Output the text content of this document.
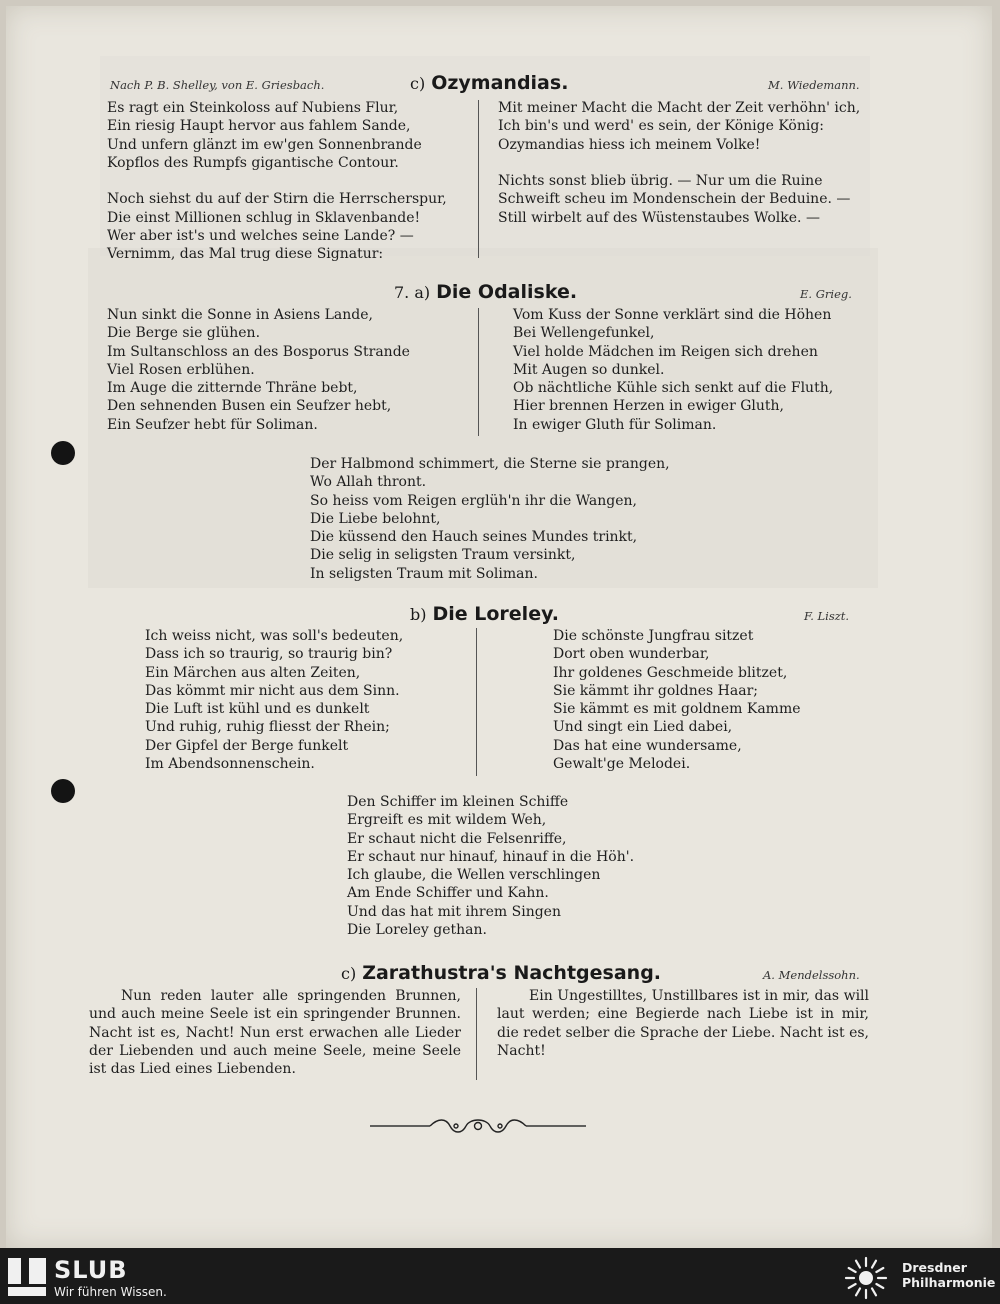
Nach P. B. Shelley, von E. Griesbach.	c) Ozymandias.	M. Wiedemann.
Es ragt ein Steinkoloss auf Nubiens Flur,
Ein riesig Haupt hervor aus fahlem Sande,
Und unfern glänzt im ew'gen Sonnenbrande
Kopflos des Rumpfs gigantische Contour.
Noch siehst du auf der Stirn die Herrscherspur,
Die einst Millionen schlug in Sklavenbande!
Wer aber ist's und welches seine Lande? —
Vernimm, das Mal trug diese Signatur:
Mit meiner Macht die Macht der Zeit verhöhn' ich,
Ich bin's und werd' es sein, der Könige König:
Ozymandias hiess ich meinem Volke!
Nichts sonst blieb übrig. — Nur um die Ruine
Schweift scheu im Mondenschein der Beduine. —
Still wirbelt auf des Wüstenstaubes Wolke. —
7. a) Die Odaliske.	E. Grieg.
Nun sinkt die Sonne in Asiens Lande,
Die Berge sie glühen.
Im Sultanschloss an des Bosporus Strande
Viel Rosen erblühen.
Im Auge die zitternde Thräne bebt,
Den sehnenden Busen ein Seufzer hebt,
Ein Seufzer hebt für Soliman.
Vom Kuss der Sonne verklärt sind die Höhen
Bei Wellengefunkel,
Viel holde Mädchen im Reigen sich drehen
Mit Augen so dunkel.
Ob nächtliche Kühle sich senkt auf die Fluth,
Hier brennen Herzen in ewiger Gluth,
In ewiger Gluth für Soliman.
Der Halbmond schimmert, die Sterne sie prangen,
Wo Allah thront.
So heiss vom Reigen erglüh'n ihr die Wangen,
Die Liebe belohnt,
Die küssend den Hauch seines Mundes trinkt,
Die selig in seligsten Traum versinkt,
In seligsten Traum mit Soliman.
b) Die Loreley.	F. Liszt.
Ich weiss nicht, was soll's bedeuten,
Dass ich so traurig, so traurig bin?
Ein Märchen aus alten Zeiten,
Das kömmt mir nicht aus dem Sinn.
Die Luft ist kühl und es dunkelt
Und ruhig, ruhig fliesst der Rhein;
Der Gipfel der Berge funkelt
Im Abendsonnenschein.
Die schönste Jungfrau sitzet
Dort oben wunderbar,
Ihr goldenes Geschmeide blitzet,
Sie kämmt ihr goldnes Haar;
Sie kämmt es mit goldnem Kamme
Und singt ein Lied dabei,
Das hat eine wundersame,
Gewalt'ge Melodei.
Den Schiffer im kleinen Schiffe
Ergreift es mit wildem Weh,
Er schaut nicht die Felsenriffe,
Er schaut nur hinauf, hinauf in die Höh'.
Ich glaube, die Wellen verschlingen
Am Ende Schiffer und Kahn.
Und das hat mit ihrem Singen
Die Loreley gethan.
c) Zarathustra's Nachtgesang.	A. Mendelssohn.
Nun reden lauter alle springenden Brunnen, und auch meine Seele ist ein springender Brunnen. Nacht ist es, Nacht! Nun erst erwachen alle Lieder der Liebenden und auch meine Seele, meine Seele ist das Lied eines Liebenden.
Ein Ungestilltes, Unstillbares ist in mir, das will laut werden; eine Begierde nach Liebe ist in mir, die redet selber die Sprache der Liebe. Nacht ist es, Nacht!
SLUB
Wir führen Wissen.
Dresdner
Philharmonie
